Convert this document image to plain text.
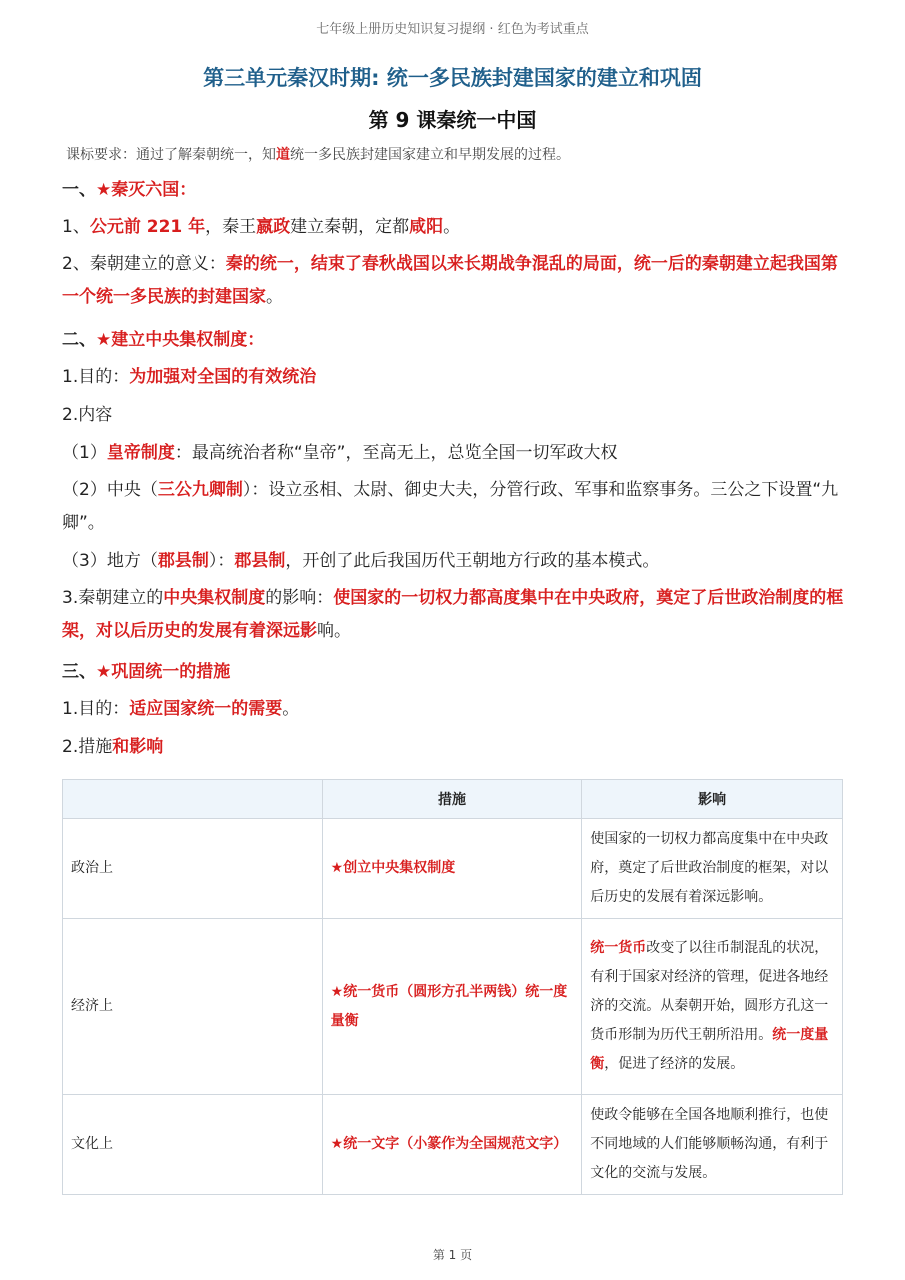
七年级上册历史知识复习提纲 · 红色为考试重点
第三单元秦汉时期: 统一多民族封建国家的建立和巩固
第 9 课秦统一中国
课标要求：通过了解秦朝统一，知道统一多民族封建国家建立和早期发展的过程。
一、★秦灭六国：
1、公元前 221 年，秦王嬴政建立秦朝，定都咸阳。
2、秦朝建立的意义：秦的统一，结束了春秋战国以来长期战争混乱的局面，统一后的秦朝建立起我国第一个统一多民族的封建国家。
二、★建立中央集权制度：
1.目的：为加强对全国的有效统治
2.内容
（1）皇帝制度：最高统治者称“皇帝”，至高无上，总览全国一切军政大权
（2）中央（三公九卿制）：设立丞相、太尉、御史大夫，分管行政、军事和监察事务。三公之下设置“九卿”。
（3）地方（郡县制）：郡县制，开创了此后我国历代王朝地方行政的基本模式。
3.秦朝建立的中央集权制度的影响：使国家的一切权力都高度集中在中央政府，奠定了后世政治制度的框架，对以后历史的发展有着深远影响。
三、★巩固统一的措施
1.目的：适应国家统一的需要。
2.措施和影响
	措施	影响
政治上	★创立中央集权制度	使国家的一切权力都高度集中在中央政府，奠定了后世政治制度的框架，对以后历史的发展有着深远影响。
经济上	★统一货币（圆形方孔半两钱）统一度量衡	统一货币改变了以往币制混乱的状况，有利于国家对经济的管理，促进各地经济的交流。从秦朝开始，圆形方孔这一货币形制为历代王朝所沿用。统一度量衡，促进了经济的发展。
文化上	★统一文字（小篆作为全国规范文字）	使政令能够在全国各地顺利推行，也使不同地域的人们能够顺畅沟通，有利于文化的交流与发展。
第 1 页
